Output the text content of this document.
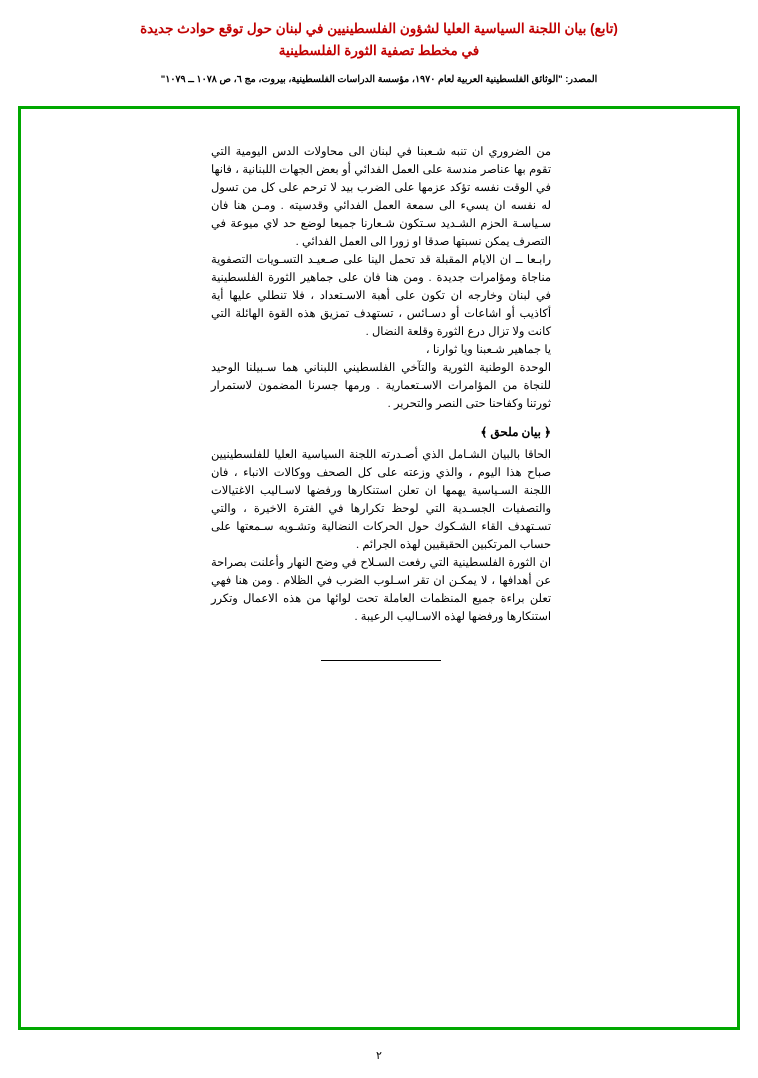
(تابع) بيان اللجنة السياسية العليا لشؤون الفلسطينيين في لبنان حول توقع حوادث جديدة
في مخطط تصفية الثورة الفلسطينية
المصدر: "الوثائق الفلسطينية العربية لعام ١٩٧٠، مؤسسة الدراسات الفلسطينية، بيروت، مج ٦، ص ١٠٧٨ ــ ١٠٧٩"

من الضروري ان تنبه شـعبنا في لبنان الى محاولات الدس اليومية التي تقوم بها عناصر مندسة على العمل الفدائي أو بعض الجهات اللبنانية ، فانها في الوقت نفسه تؤكد عزمها على الضرب بيد لا ترحم على كل من تسول له نفسه ان يسيء الى سمعة العمل الفدائي وقدسيته . ومـن هنا فان سـياسـة الحزم الشـديد سـتكون شـعارنا جميعا لوضع حد لاي ميوعة في التصرف يمكن نسبتها صدقا او زورا الى العمل الفدائي .

رابـعا ــ ان الايام المقبلة قد تحمل الينا على صـعيـد التسـويات التصفوية مناجاة ومؤامرات جديدة . ومن هنا فان على جماهير الثورة الفلسطينية في لبنان وخارجه ان تكون على أهبة الاسـتعداد ، فلا تنطلي عليها أية أكاذيب أو اشاعات أو دسـائس ، تستهدف تمزيق هذه القوة الهائلة التي كانت ولا تزال درع الثورة وقلعة النضال .

يا جماهير شـعبنا ويا ثوارنا ،

الوحدة الوطنية الثورية والتآخي الفلسطيني اللبناني هما سـبيلنا الوحيد للنجاة من المؤامرات الاسـتعمارية . ورمها جسرنا المضمون لاستمرار ثورتنا وكفاحنا حتى النصر والتحرير .

﴿ بيان ملحق ﴾

الحاقا بالبيان الشـامل الذي أصـدرته اللجنة السياسية العليا للفلسطينيين صباح هذا اليوم ، والذي وزعته على كل الصحف ووكالات الانباء ، فان اللجنة السـياسية يهمها ان تعلن استنكارها ورفضها لاسـاليب الاغتيالات والتصفيات الجسـدية التي لوحظ تكرارها في الفترة الاخيرة ، والتي تسـتهدف القاء الشـكوك حول الحركات النضالية وتشـويه سـمعتها على حساب المرتكبين الحقيقيين لهذه الجرائم .

ان الثورة الفلسطينية التي رفعت السـلاح في وضح النهار وأعلنت بصراحة عن أهدافها ، لا يمكـن ان تقر اسـلوب الضرب في الظلام . ومن هنا فهي تعلن براءة جميع المنظمات العاملة تحت لوائها من هذه الاعمال وتكرر استنكارها ورفضها لهذه الاسـاليب الرعيبة .

٢
